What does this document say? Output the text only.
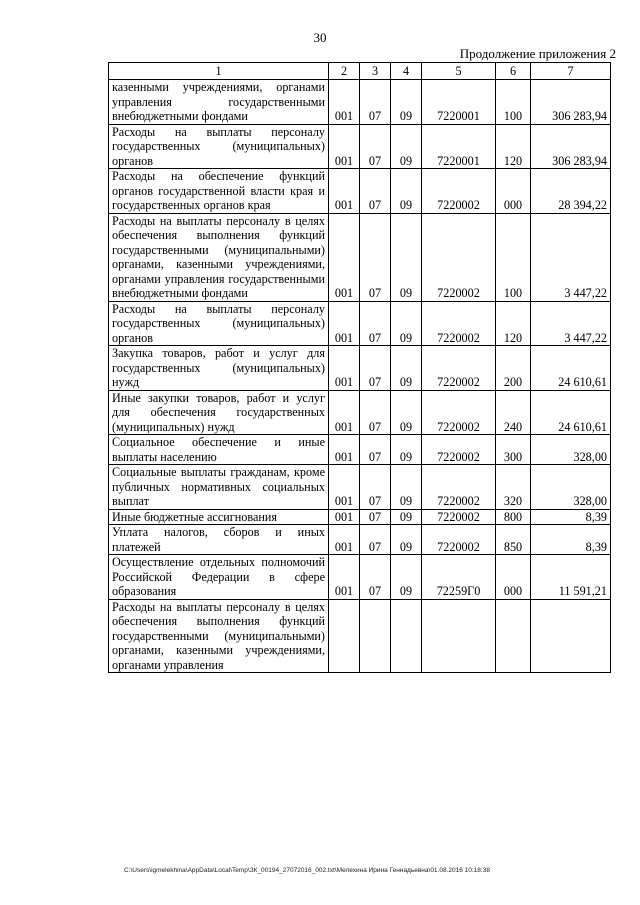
30
Продолжение приложения 2
1	2	3	4	5	6	7
казенными учреждениями, органами управления государственными внебюджетными фондами	001	07	09	7220001	100	306 283,94
Расходы на выплаты персоналу государственных (муниципальных) органов	001	07	09	7220001	120	306 283,94
Расходы на обеспечение функций органов государственной власти края и государственных органов края	001	07	09	7220002	000	28 394,22
Расходы на выплаты персоналу в целях обеспечения выполнения функций государственными (муниципальными) органами, казенными учреждениями, органами управления государственными внебюджетными фондами	001	07	09	7220002	100	3 447,22
Расходы на выплаты персоналу государственных (муниципальных) органов	001	07	09	7220002	120	3 447,22
Закупка товаров, работ и услуг для государственных (муниципальных) нужд	001	07	09	7220002	200	24 610,61
Иные закупки товаров, работ и услуг для обеспечения государственных (муниципальных) нужд	001	07	09	7220002	240	24 610,61
Социальное обеспечение и иные выплаты населению	001	07	09	7220002	300	328,00
Социальные выплаты гражданам, кроме публичных нормативных социальных выплат	001	07	09	7220002	320	328,00
Иные бюджетные ассигнования	001	07	09	7220002	800	8,39
Уплата налогов, сборов и иных платежей	001	07	09	7220002	850	8,39
Осуществление отдельных полномочий Российской Федерации в сфере образования	001	07	09	72259Г0	000	11 591,21
Расходы на выплаты персоналу в целях обеспечения выполнения функций государственными (муниципальными) органами, казенными учреждениями, органами управления						
C:\Users\igmelekhina\AppData\Local\Temp\ЗК_00194_27072016_002.txt\Мелехина Ирина Геннадьевна\01.08.2016 10:18:38
